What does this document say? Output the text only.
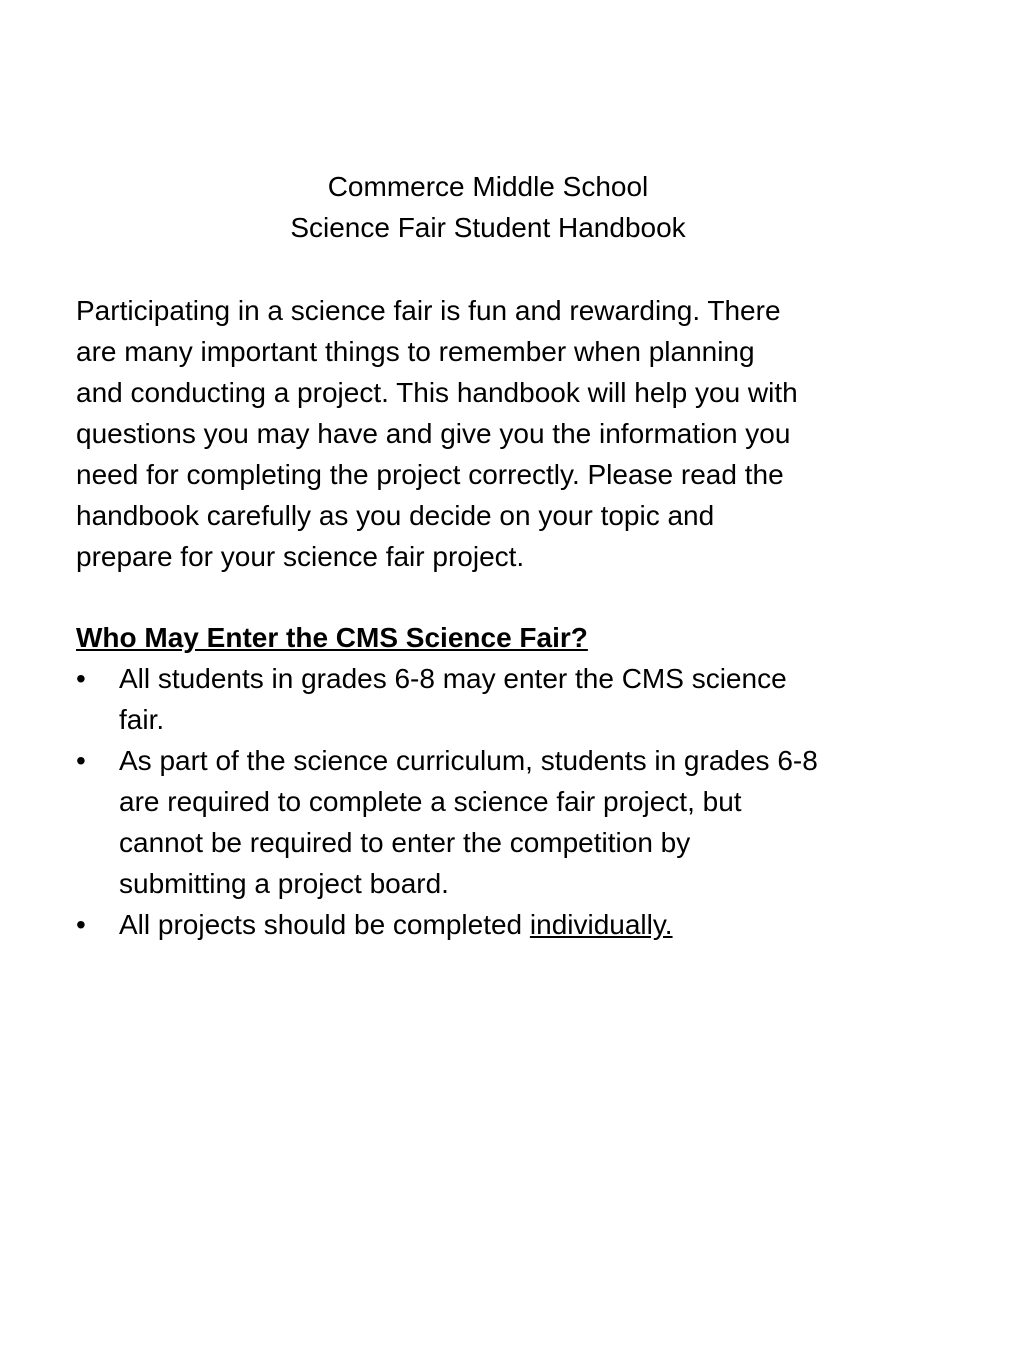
Commerce Middle School
Science Fair Student Handbook
Participating in a science fair is fun and rewarding. There
are many important things to remember when planning
and conducting a project. This handbook will help you with
questions you may have and give you the information you
need for completing the project correctly. Please read the
handbook carefully as you decide on your topic and
prepare for your science fair project.
Who May Enter the CMS Science Fair?
• All students in grades 6-8 may enter the CMS science
fair.
• As part of the science curriculum, students in grades 6-8
are required to complete a science fair project, but
cannot be required to enter the competition by
submitting a project board.
• All projects should be completed individually.
